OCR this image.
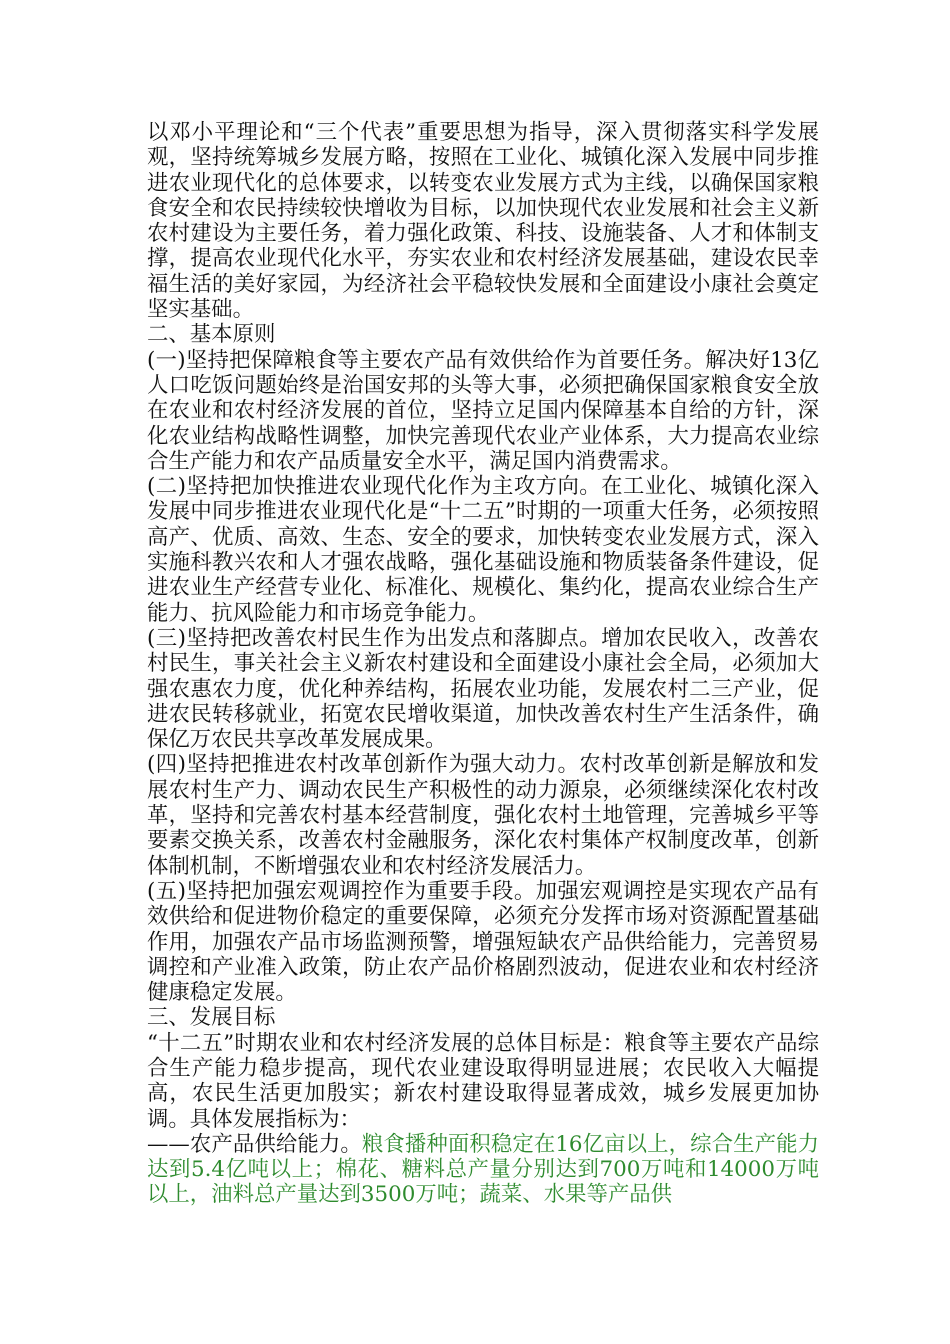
以邓小平理论和“三个代表”重要思想为指导，深入贯彻落实科学发展观，坚持统筹城乡发展方略，按照在工业化、城镇化深入发展中同步推进农业现代化的总体要求，以转变农业发展方式为主线，以确保国家粮食安全和农民持续较快增收为目标，以加快现代农业发展和社会主义新农村建设为主要任务，着力强化政策、科技、设施装备、人才和体制支撑，提高农业现代化水平，夯实农业和农村经济发展基础，建设农民幸福生活的美好家园，为经济社会平稳较快发展和全面建设小康社会奠定坚实基础。

二、基本原则

(一)坚持把保障粮食等主要农产品有效供给作为首要任务。解决好13亿人口吃饭问题始终是治国安邦的头等大事，必须把确保国家粮食安全放在农业和农村经济发展的首位，坚持立足国内保障基本自给的方针，深化农业结构战略性调整，加快完善现代农业产业体系，大力提高农业综合生产能力和农产品质量安全水平，满足国内消费需求。

(二)坚持把加快推进农业现代化作为主攻方向。在工业化、城镇化深入发展中同步推进农业现代化是“十二五”时期的一项重大任务，必须按照高产、优质、高效、生态、安全的要求，加快转变农业发展方式，深入实施科教兴农和人才强农战略，强化基础设施和物质装备条件建设，促进农业生产经营专业化、标准化、规模化、集约化，提高农业综合生产能力、抗风险能力和市场竞争能力。

(三)坚持把改善农村民生作为出发点和落脚点。增加农民收入，改善农村民生，事关社会主义新农村建设和全面建设小康社会全局，必须加大强农惠农力度，优化种养结构，拓展农业功能，发展农村二三产业，促进农民转移就业，拓宽农民增收渠道，加快改善农村生产生活条件，确保亿万农民共享改革发展成果。

(四)坚持把推进农村改革创新作为强大动力。农村改革创新是解放和发展农村生产力、调动农民生产积极性的动力源泉，必须继续深化农村改革，坚持和完善农村基本经营制度，强化农村土地管理，完善城乡平等要素交换关系，改善农村金融服务，深化农村集体产权制度改革，创新体制机制，不断增强农业和农村经济发展活力。

(五)坚持把加强宏观调控作为重要手段。加强宏观调控是实现农产品有效供给和促进物价稳定的重要保障，必须充分发挥市场对资源配置基础作用，加强农产品市场监测预警，增强短缺农产品供给能力，完善贸易调控和产业准入政策，防止农产品价格剧烈波动，促进农业和农村经济健康稳定发展。

三、发展目标

“十二五”时期农业和农村经济发展的总体目标是：粮食等主要农产品综合生产能力稳步提高，现代农业建设取得明显进展；农民收入大幅提高，农民生活更加殷实；新农村建设取得显著成效，城乡发展更加协调。具体发展指标为：

——农产品供给能力。粮食播种面积稳定在16亿亩以上，综合生产能力达到5.4亿吨以上；棉花、糖料总产量分别达到700万吨和14000万吨以上，油料总产量达到3500万吨；蔬菜、水果等产品供
